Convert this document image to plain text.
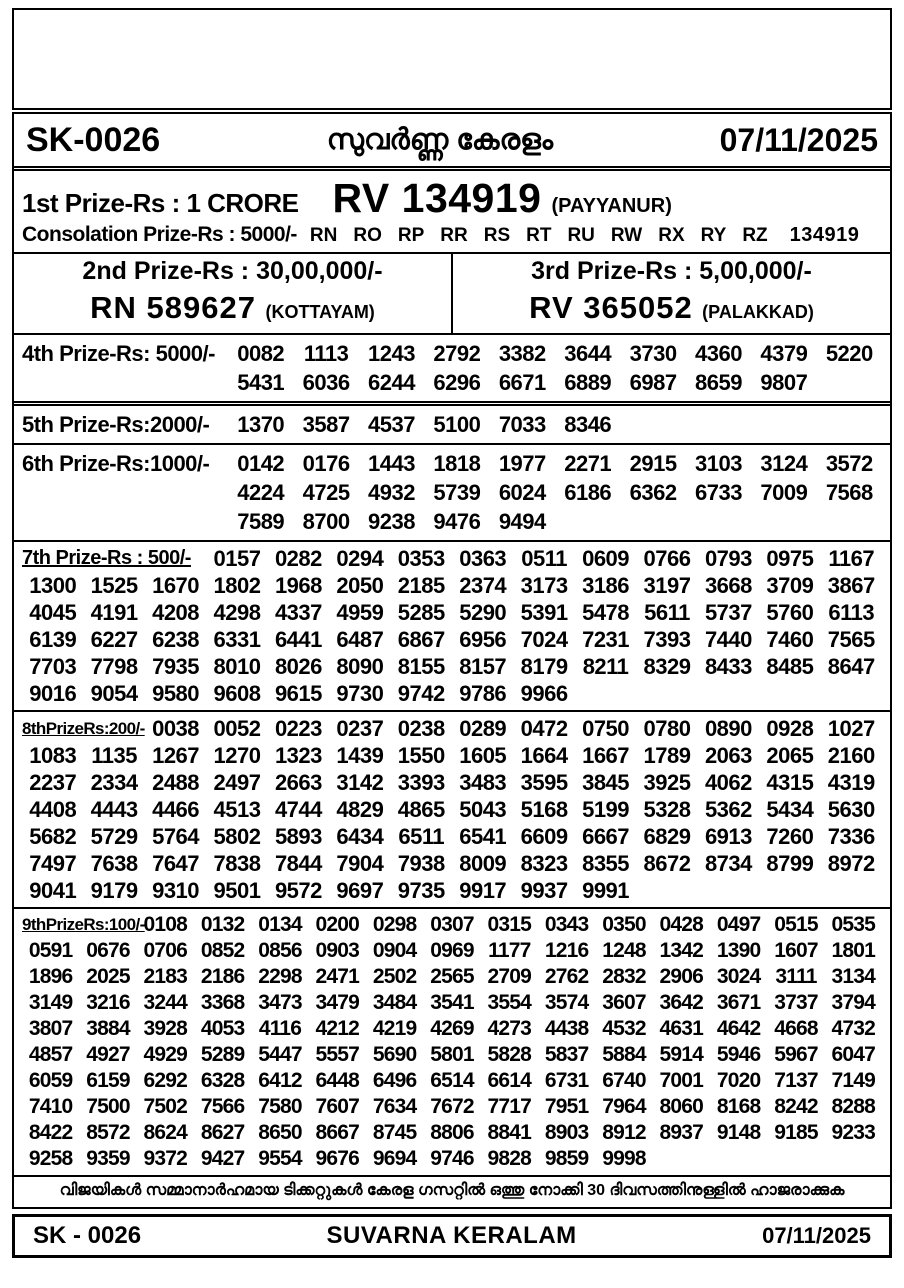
SK-0026	സുവർണ്ണ കേരളം	07/11/2025
1st Prize-Rs : 1 CRORE RV 134919 (PAYYANUR)
Consolation Prize-Rs : 5000/- RN RO RP RR RS RT RU RW RX RY RZ 134919
2nd Prize-Rs : 30,00,000/-
RN 589627 (KOTTAYAM)
3rd Prize-Rs : 5,00,000/-
RV 365052 (PALAKKAD)
4th Prize-Rs: 5000/-	0082 1113 1243 2792 3382 3644 3730 4360 4379 5220
5431 6036 6244 6296 6671 6889 6987 8659 9807
5th Prize-Rs:2000/-	1370 3587 4537 5100 7033 8346
6th Prize-Rs:1000/-	0142 0176 1443 1818 1977 2271 2915 3103 3124 3572
4224 4725 4932 5739 6024 6186 6362 6733 7009 7568
7589 8700 9238 9476 9494
7th Prize-Rs : 500/- 0157 0282 0294 0353 0363 0511 0609 0766 0793 0975 1167
1300 1525 1670 1802 1968 2050 2185 2374 3173 3186 3197 3668 3709 3867
4045 4191 4208 4298 4337 4959 5285 5290 5391 5478 5611 5737 5760 6113
6139 6227 6238 6331 6441 6487 6867 6956 7024 7231 7393 7440 7460 7565
7703 7798 7935 8010 8026 8090 8155 8157 8179 8211 8329 8433 8485 8647
9016 9054 9580 9608 9615 9730 9742 9786 9966
8thPrizeRs:200/- 0038 0052 0223 0237 0238 0289 0472 0750 0780 0890 0928 1027
1083 1135 1267 1270 1323 1439 1550 1605 1664 1667 1789 2063 2065 2160
2237 2334 2488 2497 2663 3142 3393 3483 3595 3845 3925 4062 4315 4319
4408 4443 4466 4513 4744 4829 4865 5043 5168 5199 5328 5362 5434 5630
5682 5729 5764 5802 5893 6434 6511 6541 6609 6667 6829 6913 7260 7336
7497 7638 7647 7838 7844 7904 7938 8009 8323 8355 8672 8734 8799 8972
9041 9179 9310 9501 9572 9697 9735 9917 9937 9991
9thPrizeRs:100/-
0108 0132 0134 0200 0298 0307 0315 0343 0350 0428 0497 0515 0535
0591 0676 0706 0852 0856 0903 0904 0969 1177 1216 1248 1342 1390 1607 1801
1896 2025 2183 2186 2298 2471 2502 2565 2709 2762 2832 2906 3024 3111 3134
3149 3216 3244 3368 3473 3479 3484 3541 3554 3574 3607 3642 3671 3737 3794
3807 3884 3928 4053 4116 4212 4219 4269 4273 4438 4532 4631 4642 4668 4732
4857 4927 4929 5289 5447 5557 5690 5801 5828 5837 5884 5914 5946 5967 6047
6059 6159 6292 6328 6412 6448 6496 6514 6614 6731 6740 7001 7020 7137 7149
7410 7500 7502 7566 7580 7607 7634 7672 7717 7951 7964 8060 8168 8242 8288
8422 8572 8624 8627 8650 8667 8745 8806 8841 8903 8912 8937 9148 9185 9233
9258 9359 9372 9427 9554 9676 9694 9746 9828 9859 9998
വിജയികൾ സമ്മാനാർഹമായ ടിക്കറ്റുകൾ കേരള ഗസറ്റിൽ ഒത്തു നോക്കി 30 ദിവസത്തിനുള്ളിൽ ഹാജരാക്കുക
SK - 0026	SUVARNA KERALAM	07/11/2025
